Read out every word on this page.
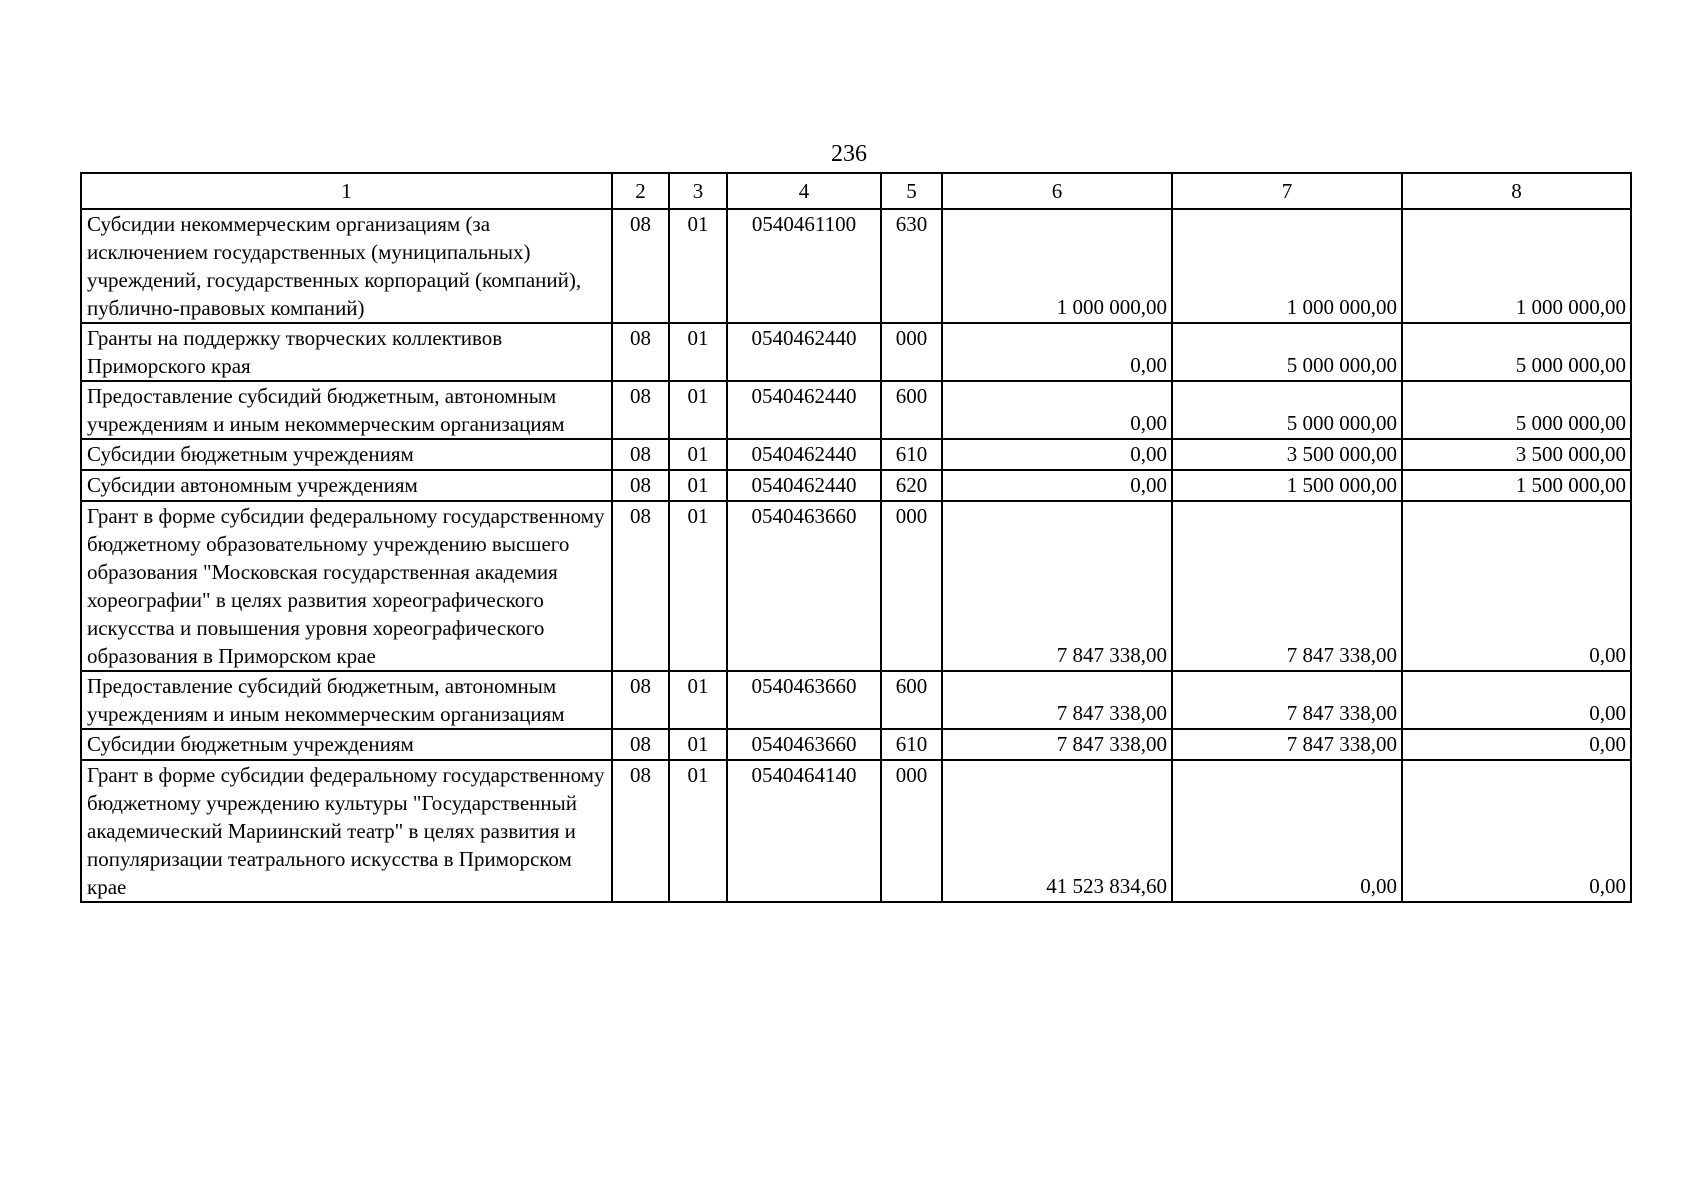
236
1	2	3	4	5	6	7	8
Субсидии некоммерческим организациям (за исключением государственных (муниципальных) учреждений, государственных корпораций (компаний), публично-правовых компаний)	08	01	0540461100	630	1 000 000,00	1 000 000,00	1 000 000,00
Гранты на поддержку творческих коллективов Приморского края	08	01	0540462440	000	0,00	5 000 000,00	5 000 000,00
Предоставление субсидий бюджетным, автономным учреждениям и иным некоммерческим организациям	08	01	0540462440	600	0,00	5 000 000,00	5 000 000,00
Субсидии бюджетным учреждениям	08	01	0540462440	610	0,00	3 500 000,00	3 500 000,00
Субсидии автономным учреждениям	08	01	0540462440	620	0,00	1 500 000,00	1 500 000,00
Грант в форме субсидии федеральному государственному бюджетному образовательному учреждению высшего образования "Московская государственная академия хореографии" в целях развития хореографического искусства и повышения уровня хореографического образования в Приморском крае	08	01	0540463660	000	7 847 338,00	7 847 338,00	0,00
Предоставление субсидий бюджетным, автономным учреждениям и иным некоммерческим организациям	08	01	0540463660	600	7 847 338,00	7 847 338,00	0,00
Субсидии бюджетным учреждениям	08	01	0540463660	610	7 847 338,00	7 847 338,00	0,00
Грант в форме субсидии федеральному государственному бюджетному учреждению культуры "Государственный академический Мариинский театр" в целях развития и популяризации театрального искусства в Приморском крае	08	01	0540464140	000	41 523 834,60	0,00	0,00
